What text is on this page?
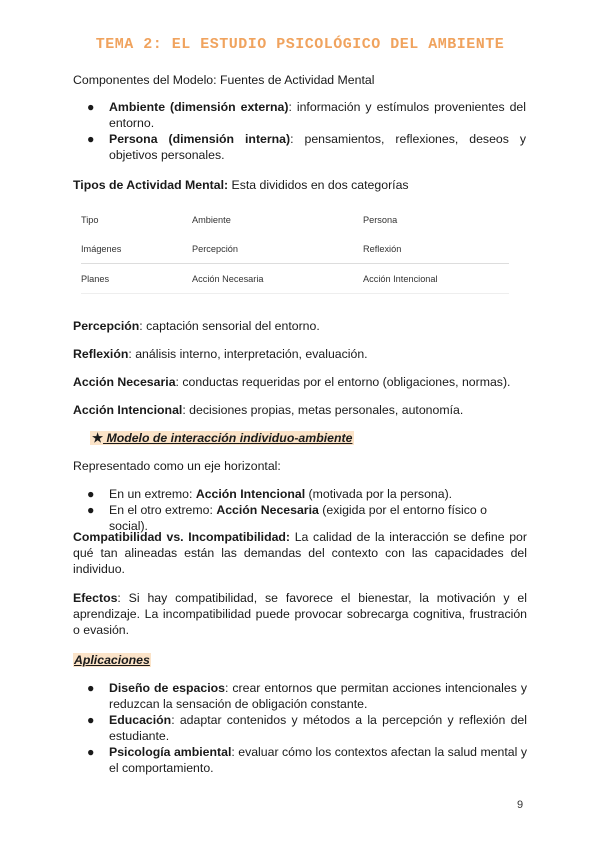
TEMA 2: EL ESTUDIO PSICOLÓGICO DEL AMBIENTE
Componentes del Modelo: Fuentes de Actividad Mental
● Ambiente (dimensión externa): información y estímulos provenientes del entorno.
● Persona (dimensión interna): pensamientos, reflexiones, deseos y objetivos personales.
Tipos de Actividad Mental: Esta divididos en dos categorías
Tipo	Ambiente	Persona
Imágenes	Percepción	Reflexión
Planes	Acción Necesaria	Acción Intencional
Percepción: captación sensorial del entorno.
Reflexión: análisis interno, interpretación, evaluación.
Acción Necesaria: conductas requeridas por el entorno (obligaciones, normas).
Acción Intencional: decisiones propias, metas personales, autonomía.
★ Modelo de interacción individuo-ambiente
Representado como un eje horizontal:
● En un extremo: Acción Intencional (motivada por la persona).
● En el otro extremo: Acción Necesaria (exigida por el entorno físico o social).
Compatibilidad vs. Incompatibilidad: La calidad de la interacción se define por qué tan alineadas están las demandas del contexto con las capacidades del individuo.
Efectos: Si hay compatibilidad, se favorece el bienestar, la motivación y el aprendizaje. La incompatibilidad puede provocar sobrecarga cognitiva, frustración o evasión.
Aplicaciones
● Diseño de espacios: crear entornos que permitan acciones intencionales y reduzcan la sensación de obligación constante.
● Educación: adaptar contenidos y métodos a la percepción y reflexión del estudiante.
● Psicología ambiental: evaluar cómo los contextos afectan la salud mental y el comportamiento.
9
